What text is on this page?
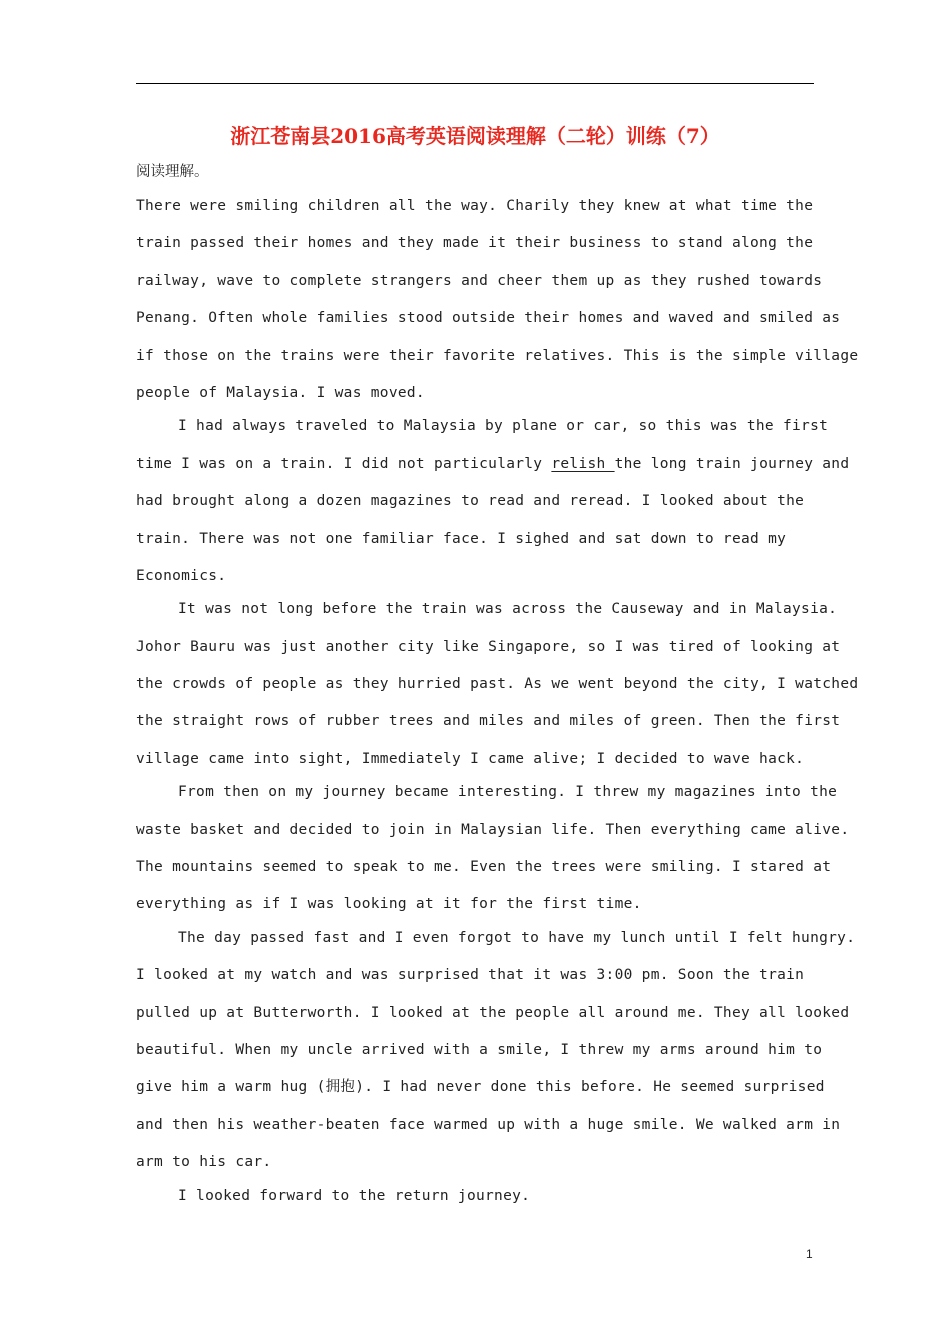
浙江苍南县2016高考英语阅读理解（二轮）训练（7）
阅读理解。
There were smiling children all the way. Charily they knew at what time the
train passed their homes and they made it their business to stand along the
railway, wave to complete strangers and cheer them up as they rushed towards
Penang. Often whole families stood outside their homes and waved and smiled as
if those on the trains were their favorite relatives. This is the simple village
people of Malaysia. I was moved.
I had always traveled to Malaysia by plane or car, so this was the first
time I was on a train. I did not particularly relish the long train journey and
had brought along a dozen magazines to read and reread. I looked about the
train. There was not one familiar face. I sighed and sat down to read my
Economics.
It was not long before the train was across the Causeway and in Malaysia.
Johor Bauru was just another city like Singapore, so I was tired of looking at
the crowds of people as they hurried past. As we went beyond the city, I watched
the straight rows of rubber trees and miles and miles of green. Then the first
village came into sight, Immediately I came alive; I decided to wave hack.
From then on my journey became interesting. I threw my magazines into the
waste basket and decided to join in Malaysian life. Then everything came alive.
The mountains seemed to speak to me. Even the trees were smiling. I stared at
everything as if I was looking at it for the first time.
The day passed fast and I even forgot to have my lunch until I felt hungry.
I looked at my watch and was surprised that it was 3:00 pm. Soon the train
pulled up at Butterworth. I looked at the people all around me. They all looked
beautiful. When my uncle arrived with a smile, I threw my arms around him to
give him a warm hug (拥抱). I had never done this before. He seemed surprised
and then his weather-beaten face warmed up with a huge smile. We walked arm in
arm to his car.
I looked forward to the return journey.
1
